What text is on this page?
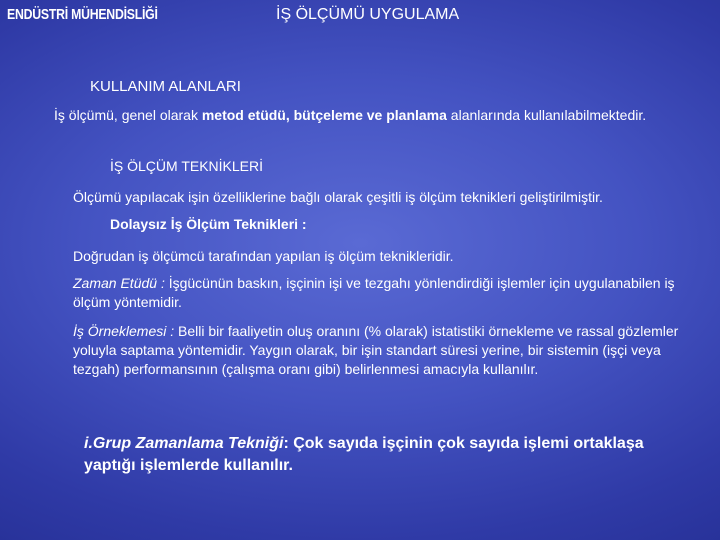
ENDÜSTRİ MÜHENDİSLİĞİ	İŞ ÖLÇÜMÜ UYGULAMA
KULLANIM ALANLARI
İş ölçümü, genel olarak metod etüdü, bütçeleme ve planlama alanlarında kullanılabilmektedir.
İŞ ÖLÇÜM TEKNİKLERİ
Ölçümü yapılacak işin özelliklerine bağlı olarak çeşitli iş ölçüm teknikleri geliştirilmiştir.
Dolaysız İş Ölçüm Teknikleri :
Doğrudan iş ölçümcü tarafından yapılan iş ölçüm teknikleridir.
Zaman Etüdü : İşgücünün baskın, işçinin işi ve tezgahı yönlendirdiği işlemler için uygulanabilen iş ölçüm yöntemidir.
İş Örneklemesi : Belli bir faaliyetin oluş oranını (% olarak) istatistiki örnekleme ve rassal gözlemler yoluyla saptama yöntemidir. Yaygın olarak, bir işin standart süresi yerine, bir sistemin (işçi veya tezgah) performansının (çalışma oranı gibi) belirlenmesi amacıyla kullanılır.
i.Grup Zamanlama Tekniği: Çok sayıda işçinin çok sayıda işlemi ortaklaşa yaptığı işlemlerde kullanılır.
